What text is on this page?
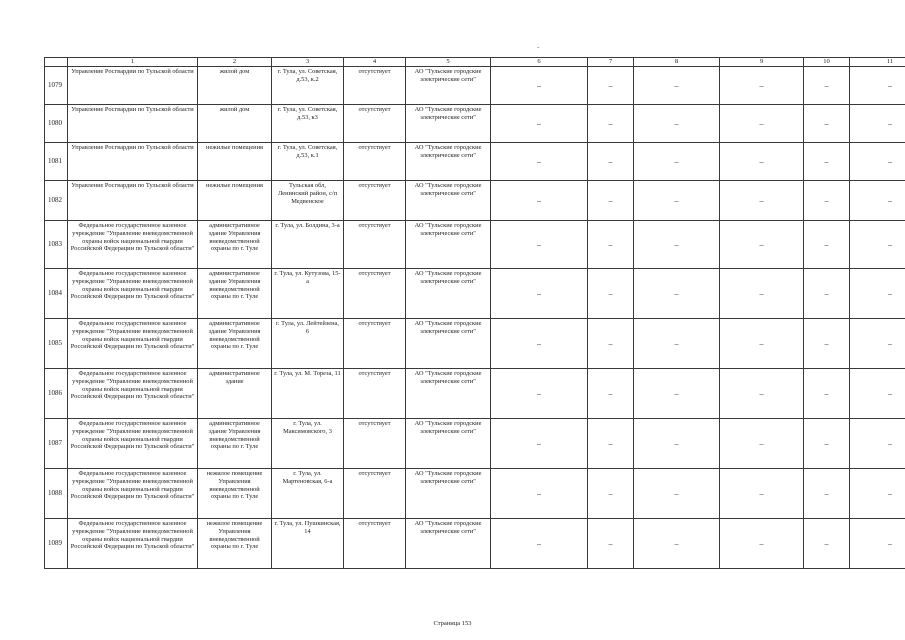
-
	1	2	3	4	5	6	7	8	9	10	11
1079	Управление Росгвардии по Тульской области	жилой дом	г. Тула, ул. Советская, д.53, к.2	отсутствует	АО "Тульские городские электрические сети"	–	–	–	–	–	–
1080	Управление Росгвардии по Тульской области	жилой дом	г. Тула, ул. Советская, д.53, к3	отсутствует	АО "Тульские городские электрические сети"	–	–	–	–	–	–
1081	Управление Росгвардии по Тульской области	нежилые помещения	г. Тула, ул. Советская, д.53, к.1	отсутствует	АО "Тульские городские электрические сети"	–	–	–	–	–	–
1082	Управление Росгвардии по Тульской области	нежилые помещения	Тульская обл, Ленинский район, с/п Медвенское	отсутствует	АО "Тульские городские электрические сети"	–	–	–	–	–	–
1083	Федеральное государственное казенное учреждение "Управление вневедомственной охраны войск национальной гвардии Российской Федерации по Тульской области"	административное здание Управления вневедомственной охраны по г. Туле	г. Тула, ул. Болдина, 3-а	отсутствует	АО "Тульские городские электрические сети"	–	–	–	–	–	–
1084	Федеральное государственное казенное учреждение "Управление вневедомственной охраны войск национальной гвардии Российской Федерации по Тульской области"	административное здание Управления вневедомственной охраны по г. Туле	г. Тула, ул. Кутузова, 15-а	отсутствует	АО "Тульские городские электрические сети"	–	–	–	–	–	–
1085	Федеральное государственное казенное учреждение "Управление вневедомственной охраны войск национальной гвардии Российской Федерации по Тульской области"	административное здание Управления вневедомственной охраны по г. Туле	г. Тула, ул. Лейтейзена, 6	отсутствует	АО "Тульские городские электрические сети"	–	–	–	–	–	–
1086	Федеральное государственное казенное учреждение "Управление вневедомственной охраны войск национальной гвардии Российской Федерации по Тульской области"	административное здание	г. Тула, ул. М. Тореза, 11	отсутствует	АО "Тульские городские электрические сети"	–	–	–	–	–	–
1087	Федеральное государственное казенное учреждение "Управление вневедомственной охраны войск национальной гвардии Российской Федерации по Тульской области"	административное здание Управления вневедомственной охраны по г. Туле	г. Тула, ул. Максимовского, 3	отсутствует	АО "Тульские городские электрические сети"	–	–	–	–	–	–
1088	Федеральное государственное казенное учреждение "Управление вневедомственной охраны войск национальной гвардии Российской Федерации по Тульской области"	нежилое помещение Управления вневедомственной охраны по г. Туле	г. Тула, ул. Мартеновская, 6-а	отсутствует	АО "Тульские городские электрические сети"	–	–	–	–	–	–
1089	Федеральное государственное казенное учреждение "Управление вневедомственной охраны войск национальной гвардии Российской Федерации по Тульской области"	нежилое помещение Управления вневедомственной охраны по г. Туле	г. Тула, ул. Пушкинская, 14	отсутствует	АО "Тульские городские электрические сети"	–	–	–	–	–	–
Страница 153
